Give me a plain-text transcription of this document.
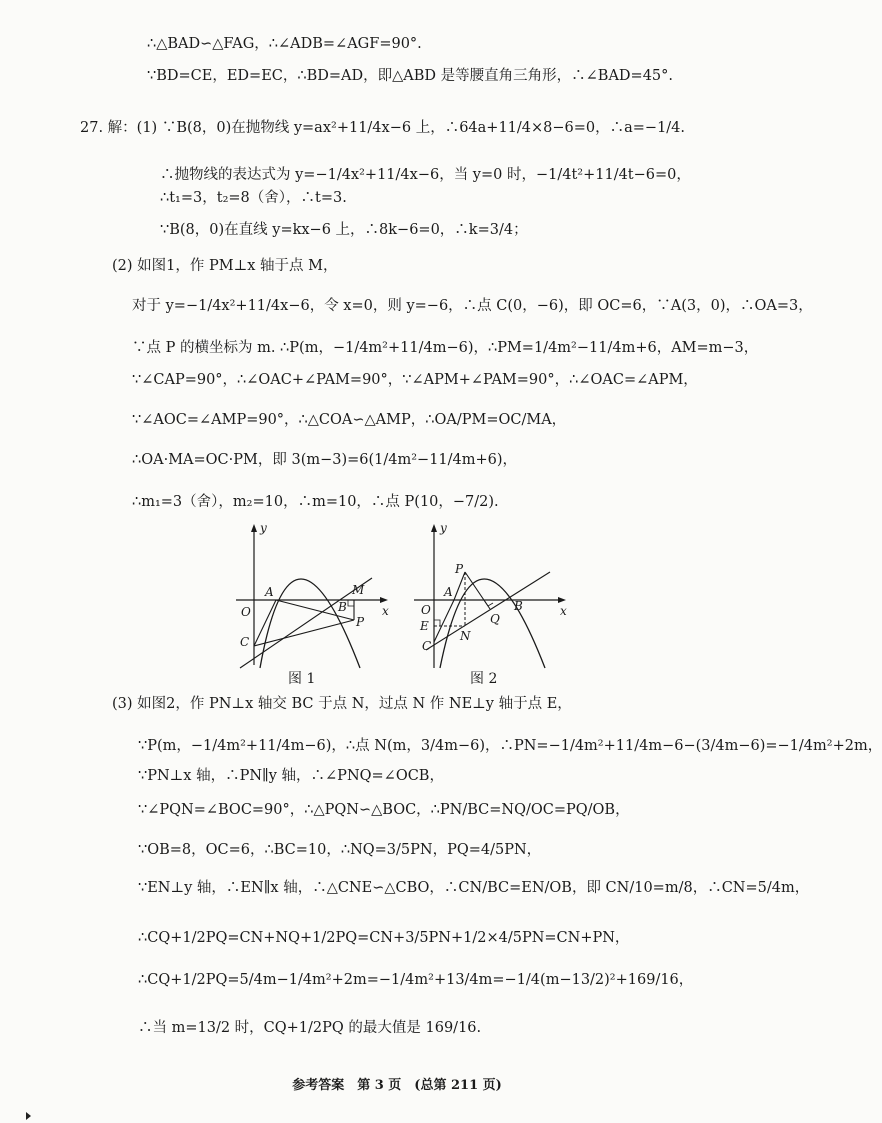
∴△BAD∽△FAG，∴∠ADB=∠AGF=90°.
∵BD=CE，ED=EC，∴BD=AD，即△ABD 是等腰直角三角形，∴∠BAD=45°.
27. 解：(1) ∵B(8，0)在抛物线 y=ax²+11/4x−6 上，∴64a+11/4×8−6=0，∴a=−1/4.
∴抛物线的表达式为 y=−1/4x²+11/4x−6，当 y=0 时，−1/4t²+11/4t−6=0，
∴t₁=3，t₂=8（舍），∴t=3.
∵B(8，0)在直线 y=kx−6 上，∴8k−6=0，∴k=3/4；
(2) 如图1，作 PM⊥x 轴于点 M，
对于 y=−1/4x²+11/4x−6，令 x=0，则 y=−6，∴点 C(0，−6)，即 OC=6，∵A(3，0)，∴OA=3，
∵点 P 的横坐标为 m. ∴P(m，−1/4m²+11/4m−6)，∴PM=1/4m²−11/4m+6，AM=m−3，
∵∠CAP=90°，∴∠OAC+∠PAM=90°，∵∠APM+∠PAM=90°，∴∠OAC=∠APM，
∵∠AOC=∠AMP=90°，∴△COA∽△AMP，∴OA/PM=OC/MA，
∴OA·MA=OC·PM，即 3(m−3)=6(1/4m²−11/4m+6)，
∴m₁=3（舍），m₂=10，∴m=10，∴点 P(10，−7/2).
y
x
O
A	M
B
P
C
图 1
y
x
O
A
P
B
Q
E
N
C
图 2
(3) 如图2，作 PN⊥x 轴交 BC 于点 N，过点 N 作 NE⊥y 轴于点 E，
∵P(m，−1/4m²+11/4m−6)，∴点 N(m，3/4m−6)，∴PN=−1/4m²+11/4m−6−(3/4m−6)=−1/4m²+2m，
∵PN⊥x 轴，∴PN∥y 轴，∴∠PNQ=∠OCB，
∵∠PQN=∠BOC=90°，∴△PQN∽△BOC，∴PN/BC=NQ/OC=PQ/OB，
∵OB=8，OC=6，∴BC=10，∴NQ=3/5PN，PQ=4/5PN，
∵EN⊥y 轴，∴EN∥x 轴，∴△CNE∽△CBO，∴CN/BC=EN/OB，即 CN/10=m/8，∴CN=5/4m，
∴CQ+1/2PQ=CN+NQ+1/2PQ=CN+3/5PN+1/2×4/5PN=CN+PN，
∴CQ+1/2PQ=5/4m−1/4m²+2m=−1/4m²+13/4m=−1/4(m−13/2)²+169/16，
∴当 m=13/2 时，CQ+1/2PQ 的最大值是 169/16.
参考答案　第 3 页　(总第 211 页)
